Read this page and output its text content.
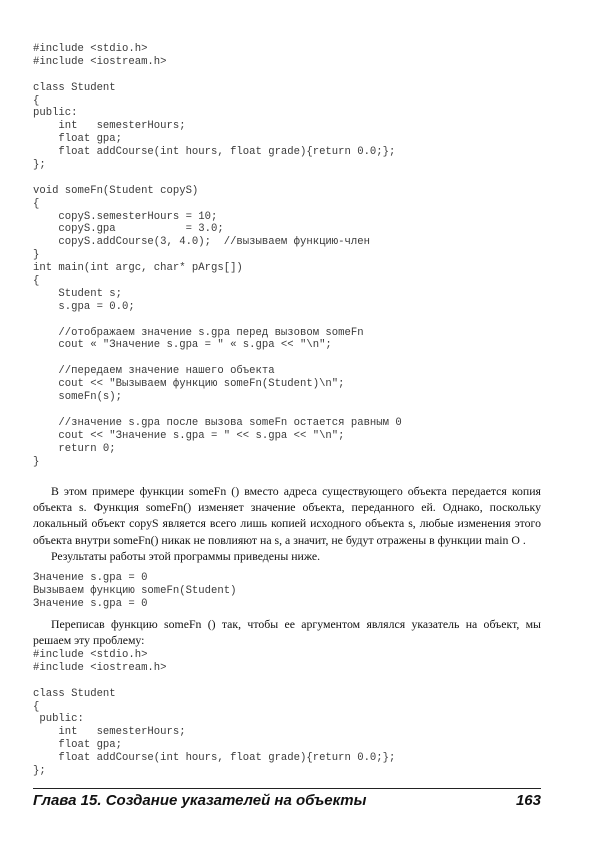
#include <stdio.h>
#include <iostream.h>

class Student
{
public:
int   semesterHours;
float gpa;
float addCourse(int hours, float grade){return 0.0;};
};

void someFn(Student copyS)
{
copyS.semesterHours = 10;
copyS.gpa           = 3.0;
copyS.addCourse(3, 4.0);  //вызываем функцию-член
}
int main(int argc, char* pArgs[])
{
Student s;
s.gpa = 0.0;

//отображаем значение s.gpa перед вызовом someFn
cout « "Значение s.gpa = " « s.gpa << "\n";

//передаем значение нашего объекта
cout << "Вызываем функцию someFn(Student)\n";
someFn(s);

//значение s.gpa после вызова someFn остается равным 0
cout << "Значение s.gpa = " << s.gpa << "\n";
return 0;
}

В этом примере функции someFn () вместо адреса существующего объекта передается копия объекта s. Функция someFn() изменяет значение объекта, переданного ей. Однако, поскольку локальный объект copyS является всего лишь копией исходного объекта s, любые изменения этого объекта внутри someFn() никак не повлияют на s, а значит, не будут отражены в функции main О .

Результаты работы этой программы приведены ниже.

Значение s.gpa = 0
Вызываем функцию someFn(Student)
Значение s.gpa = 0

Переписав функцию someFn () так, чтобы ее аргументом являлся указатель на объект, мы решаем эту проблему:

#include <stdio.h>
#include <iostream.h>

class Student
{
public:
int   semesterHours;
float gpa;
float addCourse(int hours, float grade){return 0.0;};
};
Глава 15. Создание указателей на объекты	163
